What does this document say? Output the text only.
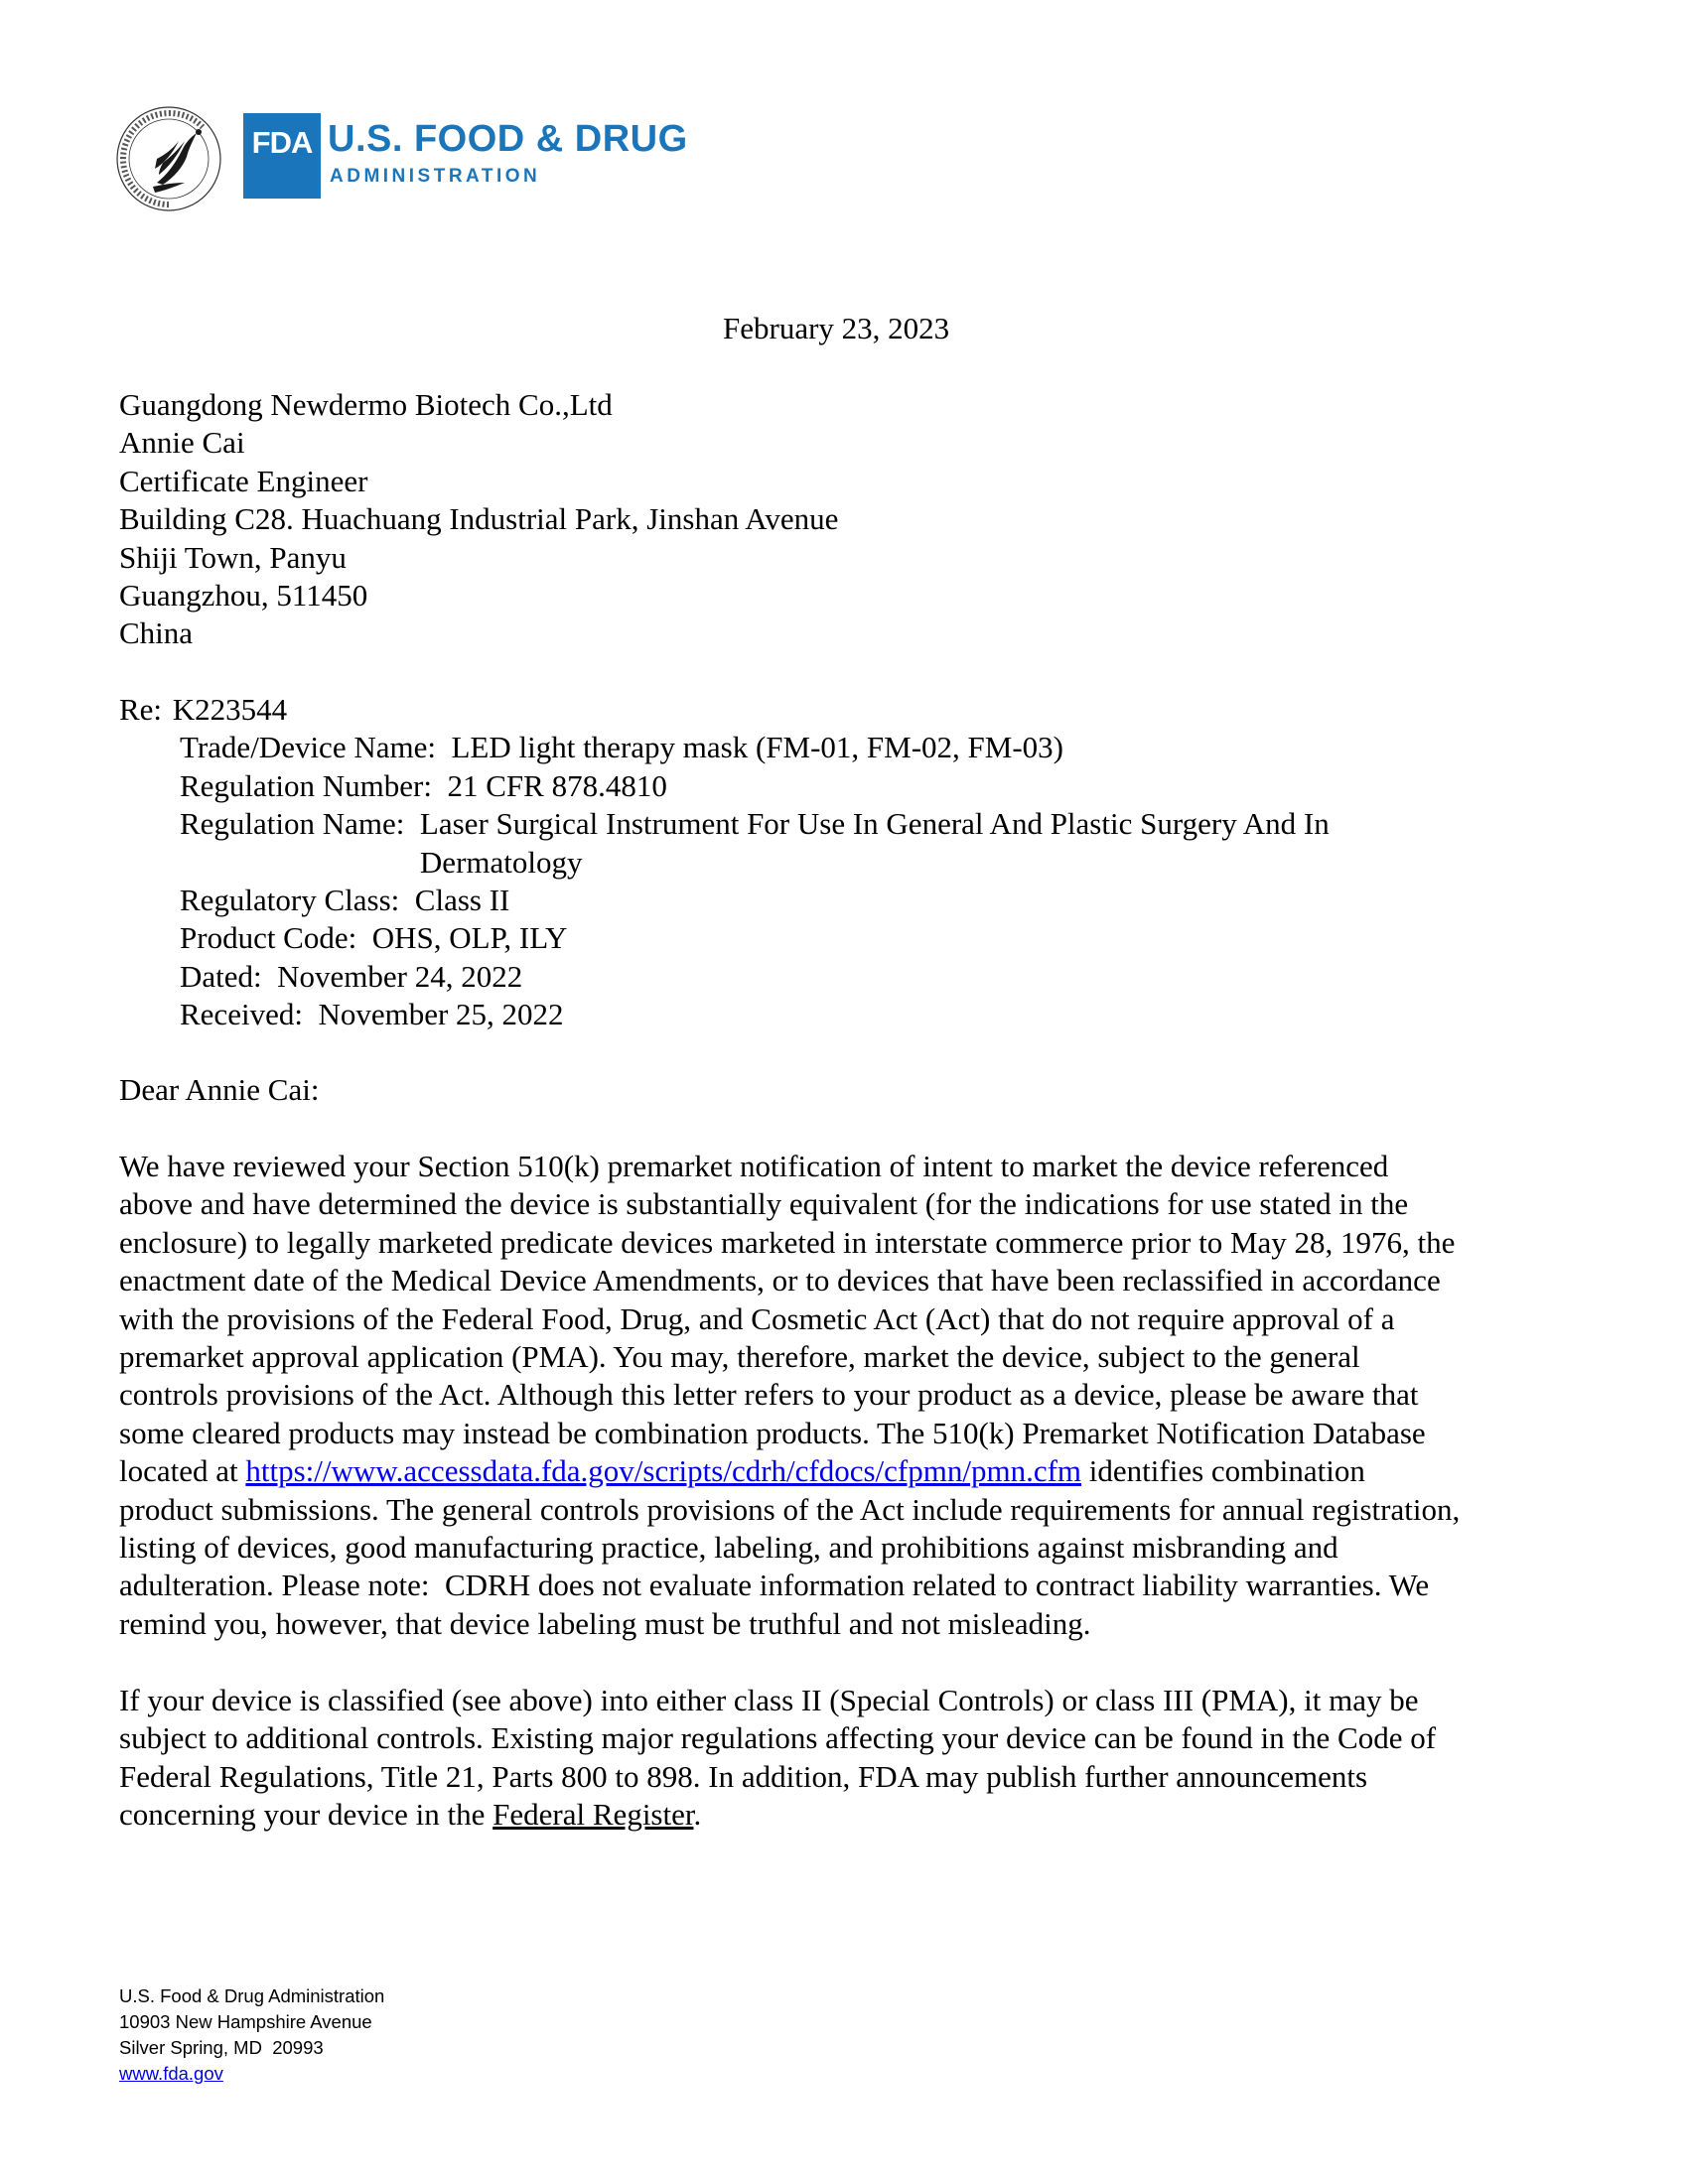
FDA U.S. FOOD & DRUG
ADMINISTRATION
February 23, 2023
Guangdong Newdermo Biotech Co.,Ltd
Annie Cai
Certificate Engineer
Building C28. Huachuang Industrial Park, Jinshan Avenue
Shiji Town, Panyu
Guangzhou, 511450
China
Re:
K223544
Trade/Device Name:
LED light therapy mask (FM-01, FM-02, FM-03)
Regulation Number:
21 CFR 878.4810
Regulation Name:
Laser Surgical Instrument For Use In General And Plastic Surgery And In
Dermatology
Regulatory Class:
Class II
Product Code:
OHS, OLP, ILY
Dated:
November 24, 2022
Received:
November 25, 2022
Dear Annie Cai:
We have reviewed your Section 510(k) premarket notification of intent to market the device referenced
above and have determined the device is substantially equivalent (for the indications for use stated in the
enclosure) to legally marketed predicate devices marketed in interstate commerce prior to May 28, 1976, the
enactment date of the Medical Device Amendments, or to devices that have been reclassified in accordance
with the provisions of the Federal Food, Drug, and Cosmetic Act (Act) that do not require approval of a
premarket approval application (PMA). You may, therefore, market the device, subject to the general
controls provisions of the Act. Although this letter refers to your product as a device, please be aware that
some cleared products may instead be combination products. The 510(k) Premarket Notification Database
located at https://www.accessdata.fda.gov/scripts/cdrh/cfdocs/cfpmn/pmn.cfm identifies combination
product submissions. The general controls provisions of the Act include requirements for annual registration,
listing of devices, good manufacturing practice, labeling, and prohibitions against misbranding and
adulteration. Please note:  CDRH does not evaluate information related to contract liability warranties. We
remind you, however, that device labeling must be truthful and not misleading.
If your device is classified (see above) into either class II (Special Controls) or class III (PMA), it may be
subject to additional controls. Existing major regulations affecting your device can be found in the Code of
Federal Regulations, Title 21, Parts 800 to 898. In addition, FDA may publish further announcements
concerning your device in the Federal Register.
U.S. Food & Drug Administration
10903 New Hampshire Avenue
Silver Spring, MD  20993
www.fda.gov
